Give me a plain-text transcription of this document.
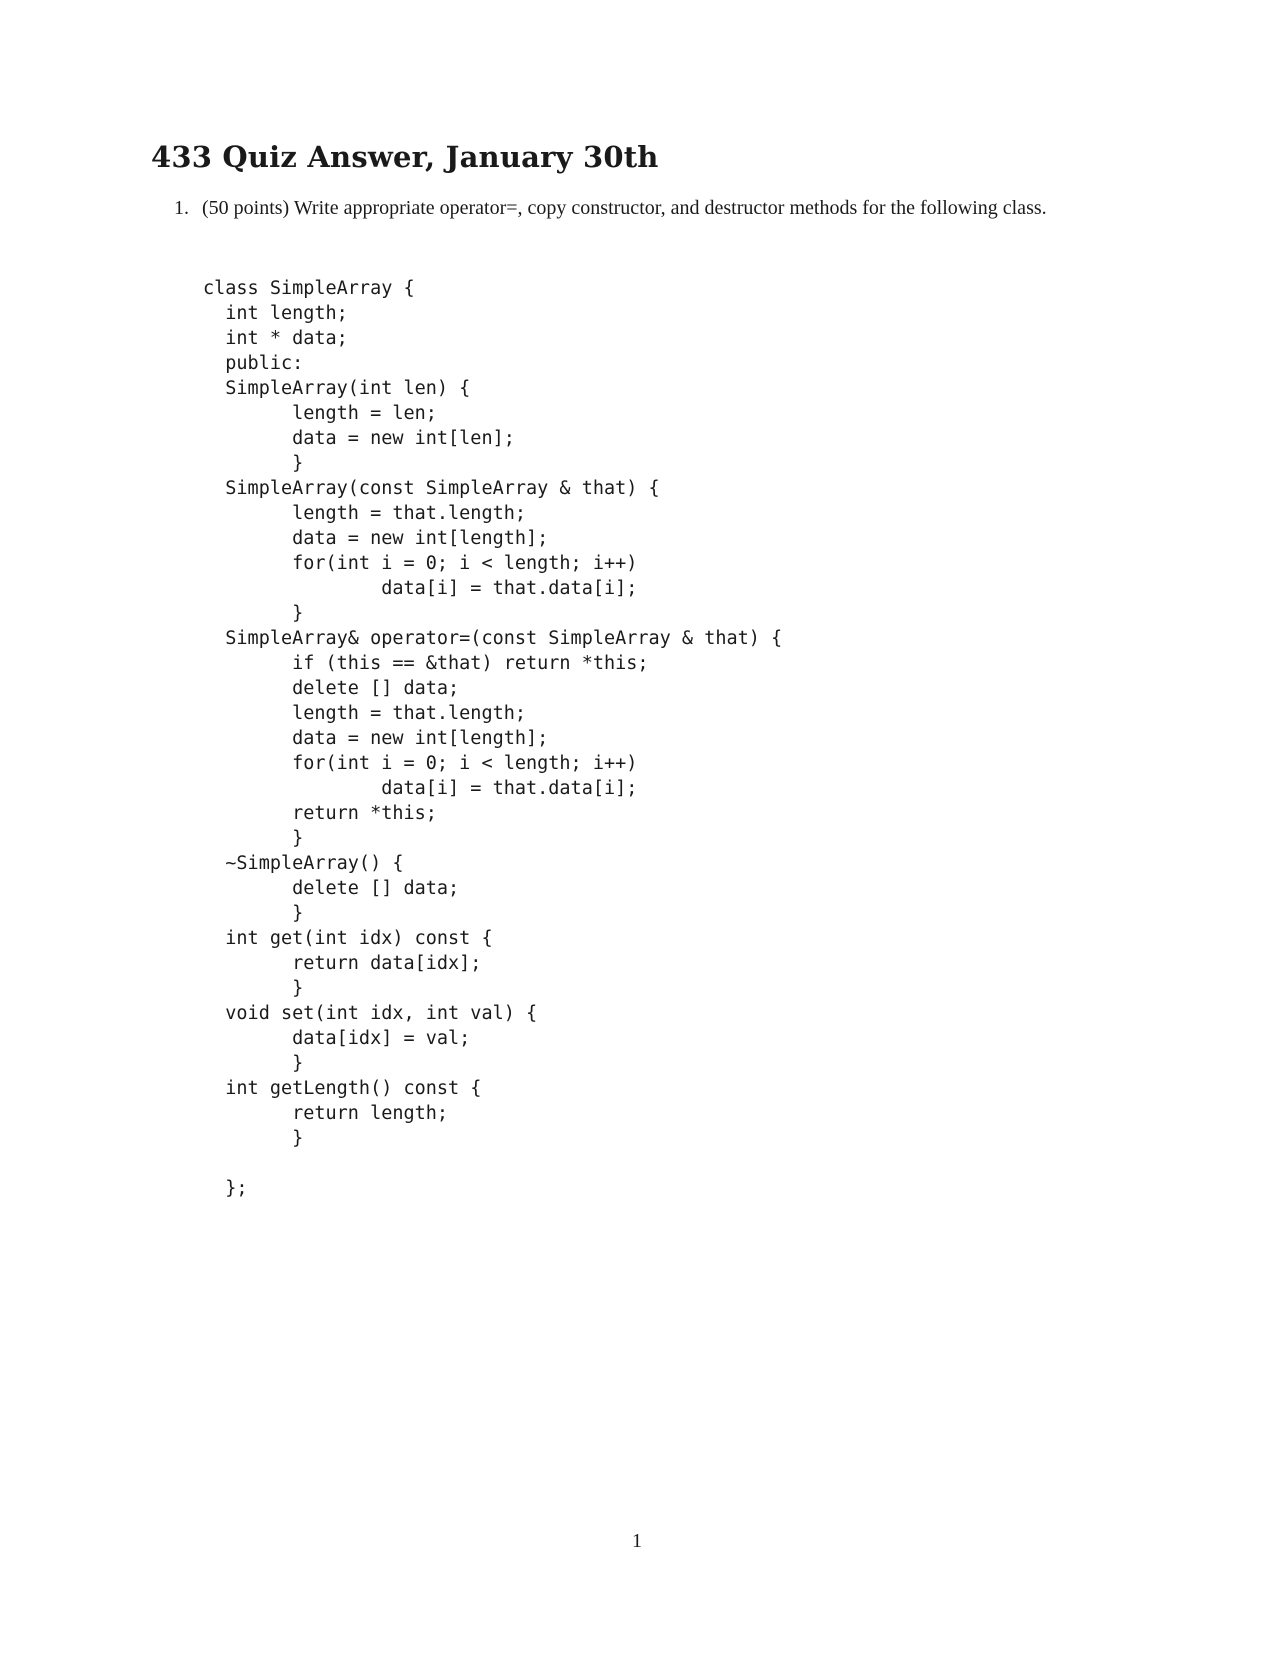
433 Quiz Answer, January 30th
1. (50 points) Write appropriate operator=, copy constructor, and destructor methods for the following class.
class SimpleArray {
int length;
int * data;
public:
SimpleArray(int len) {
length = len;
data = new int[len];
}
SimpleArray(const SimpleArray & that) {
length = that.length;
data = new int[length];
for(int i = 0; i < length; i++)
data[i] = that.data[i];
}
SimpleArray& operator=(const SimpleArray & that) {
if (this == &that) return *this;
delete [] data;
length = that.length;
data = new int[length];
for(int i = 0; i < length; i++)
data[i] = that.data[i];
return *this;
}
~SimpleArray() {
delete [] data;
}
int get(int idx) const {
return data[idx];
}
void set(int idx, int val) {
data[idx] = val;
}
int getLength() const {
return length;
}
};
1
